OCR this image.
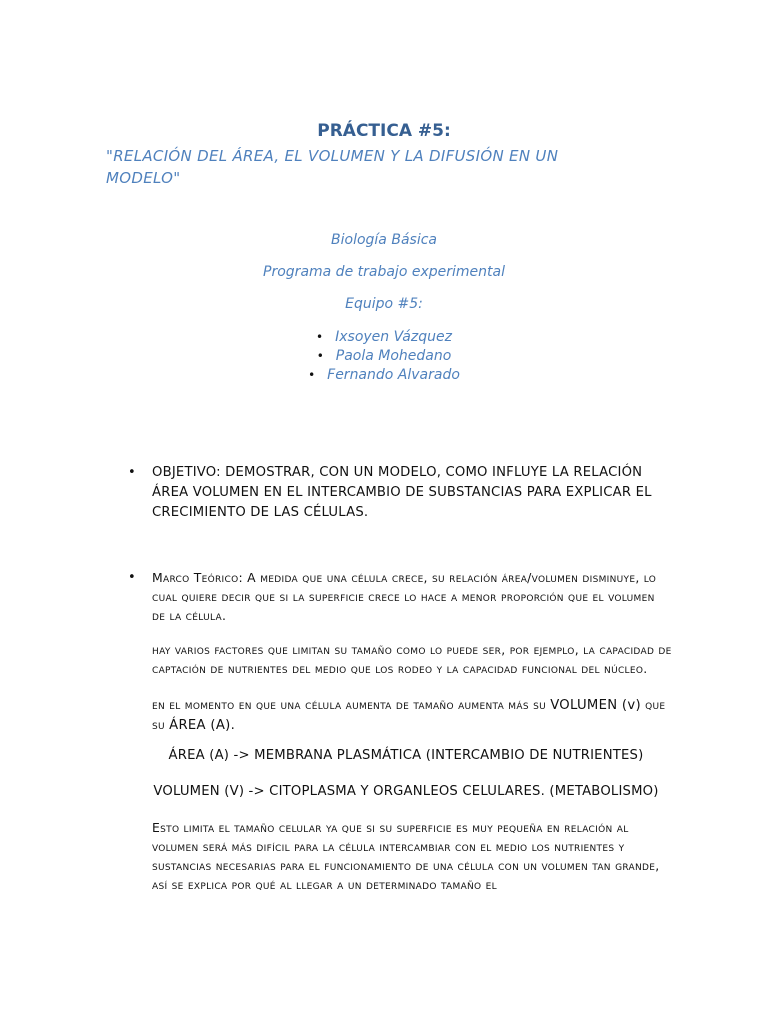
PRÁCTICA #5:

"RELACIÓN DEL ÁREA, EL VOLUMEN Y LA DIFUSIÓN EN UN MODELO"

Biología Básica

Programa de trabajo experimental

Equipo #5:

• Ixsoyen Vázquez
• Paola Mohedano
• Fernando Alvarado
• OBJETIVO: DEMOSTRAR, CON UN MODELO, COMO INFLUYE LA RELACIÓN ÁREA VOLUMEN EN EL INTERCAMBIO DE SUBSTANCIAS PARA EXPLICAR EL CRECIMIENTO DE LAS CÉLULAS.

• Marco Teórico: A medida que una célula crece, su relación área/volumen disminuye, lo cual quiere decir que si la superficie crece lo hace a menor proporción que el volumen de la célula.

hay varios factores que limitan su tamaño como lo puede ser, por ejemplo, la capacidad de captación de nutrientes del medio que los rodeo y la capacidad funcional del núcleo.

en el momento en que una célula aumenta de tamaño aumenta más su VOLUMEN (v) que su ÁREA (A).

ÁREA (A) -> MEMBRANA PLASMÁTICA (INTERCAMBIO DE NUTRIENTES)

VOLUMEN (V) -> CITOPLASMA Y ORGANLEOS CELULARES. (METABOLISMO)

Esto limita el tamaño celular ya que si su superficie es muy pequeña en relación al volumen será más difícil para la célula intercambiar con el medio los nutrientes y sustancias necesarias para el funcionamiento de una célula con un volumen tan grande, así se explica por qué al llegar a un determinado tamaño el
